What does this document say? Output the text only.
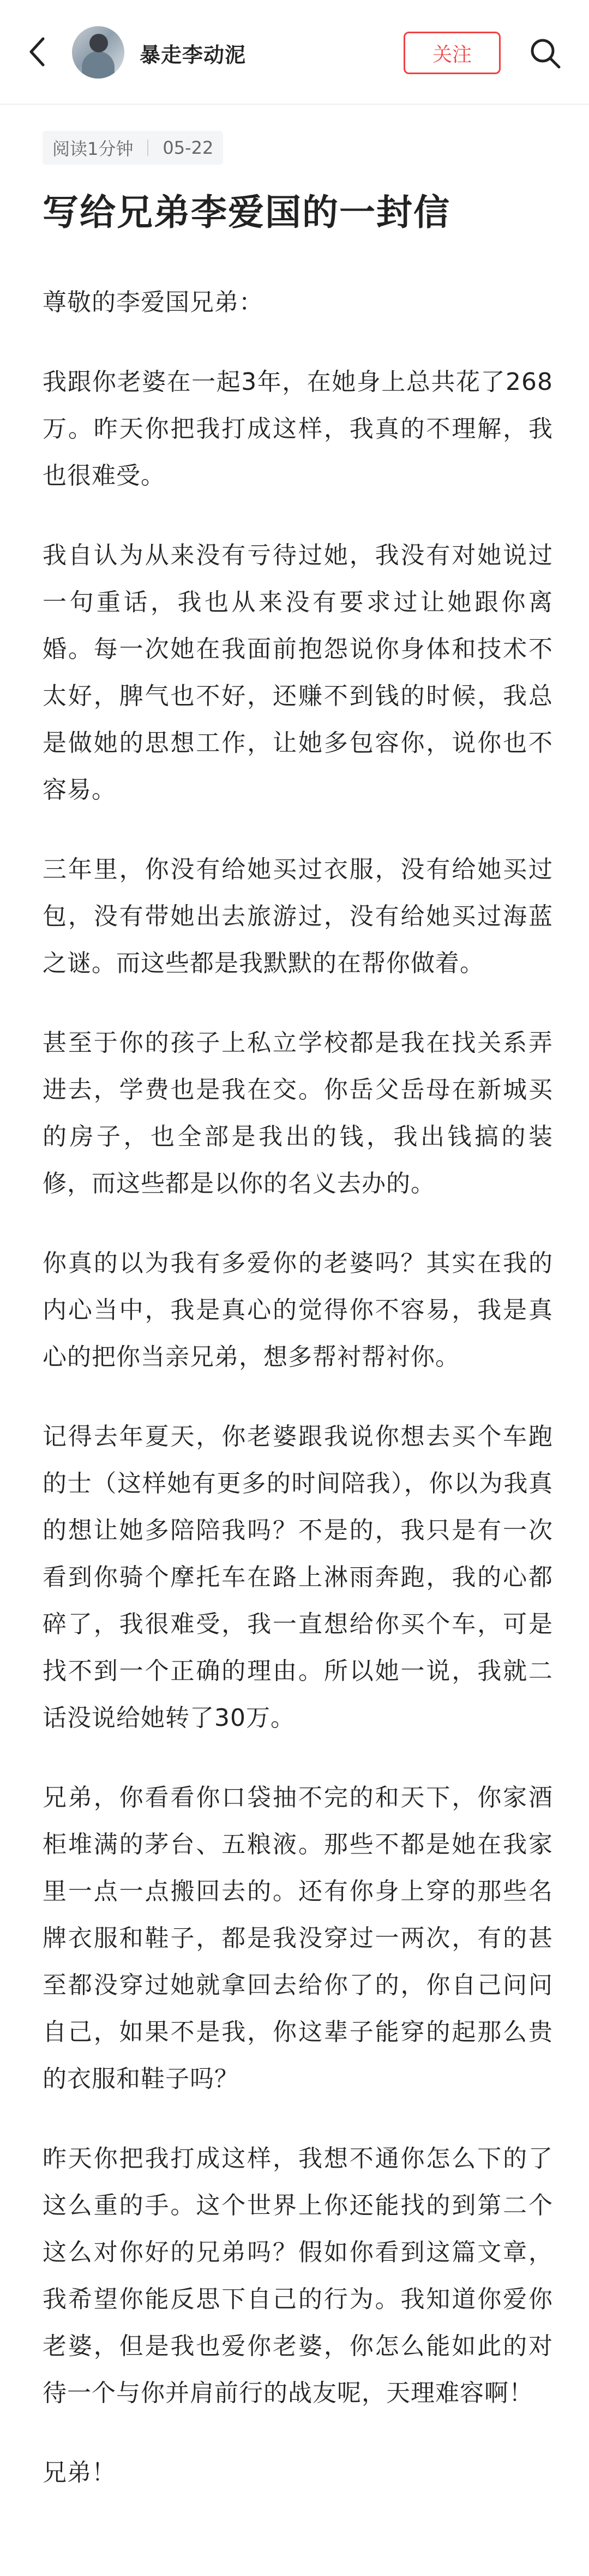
暴走李动泥	关注
阅读1分钟 05-22
写给兄弟李爱国的一封信

尊敬的李爱国兄弟：

我跟你老婆在一起3年，在她身上总共花了268万。昨天你把我打成这样，我真的不理解，我也很难受。

我自认为从来没有亏待过她，我没有对她说过一句重话，我也从来没有要求过让她跟你离婚。每一次她在我面前抱怨说你身体和技术不太好，脾气也不好，还赚不到钱的时候，我总是做她的思想工作，让她多包容你，说你也不容易。

三年里，你没有给她买过衣服，没有给她买过包，没有带她出去旅游过，没有给她买过海蓝之谜。而这些都是我默默的在帮你做着。

甚至于你的孩子上私立学校都是我在找关系弄进去，学费也是我在交。你岳父岳母在新城买的房子，也全部是我出的钱，我出钱搞的装修，而这些都是以你的名义去办的。

你真的以为我有多爱你的老婆吗？其实在我的内心当中，我是真心的觉得你不容易，我是真心的把你当亲兄弟，想多帮衬帮衬你。

记得去年夏天，你老婆跟我说你想去买个车跑的士（这样她有更多的时间陪我），你以为我真的想让她多陪陪我吗？不是的，我只是有一次看到你骑个摩托车在路上淋雨奔跑，我的心都碎了，我很难受，我一直想给你买个车，可是找不到一个正确的理由。所以她一说，我就二话没说给她转了30万。

兄弟，你看看你口袋抽不完的和天下，你家酒柜堆满的茅台、五粮液。那些不都是她在我家里一点一点搬回去的。还有你身上穿的那些名牌衣服和鞋子，都是我没穿过一两次，有的甚至都没穿过她就拿回去给你了的，你自己问问自己，如果不是我，你这辈子能穿的起那么贵的衣服和鞋子吗？

昨天你把我打成这样，我想不通你怎么下的了这么重的手。这个世界上你还能找的到第二个这么对你好的兄弟吗？假如你看到这篇文章，我希望你能反思下自己的行为。我知道你爱你老婆，但是我也爱你老婆，你怎么能如此的对待一个与你并肩前行的战友呢，天理难容啊！

兄弟！
